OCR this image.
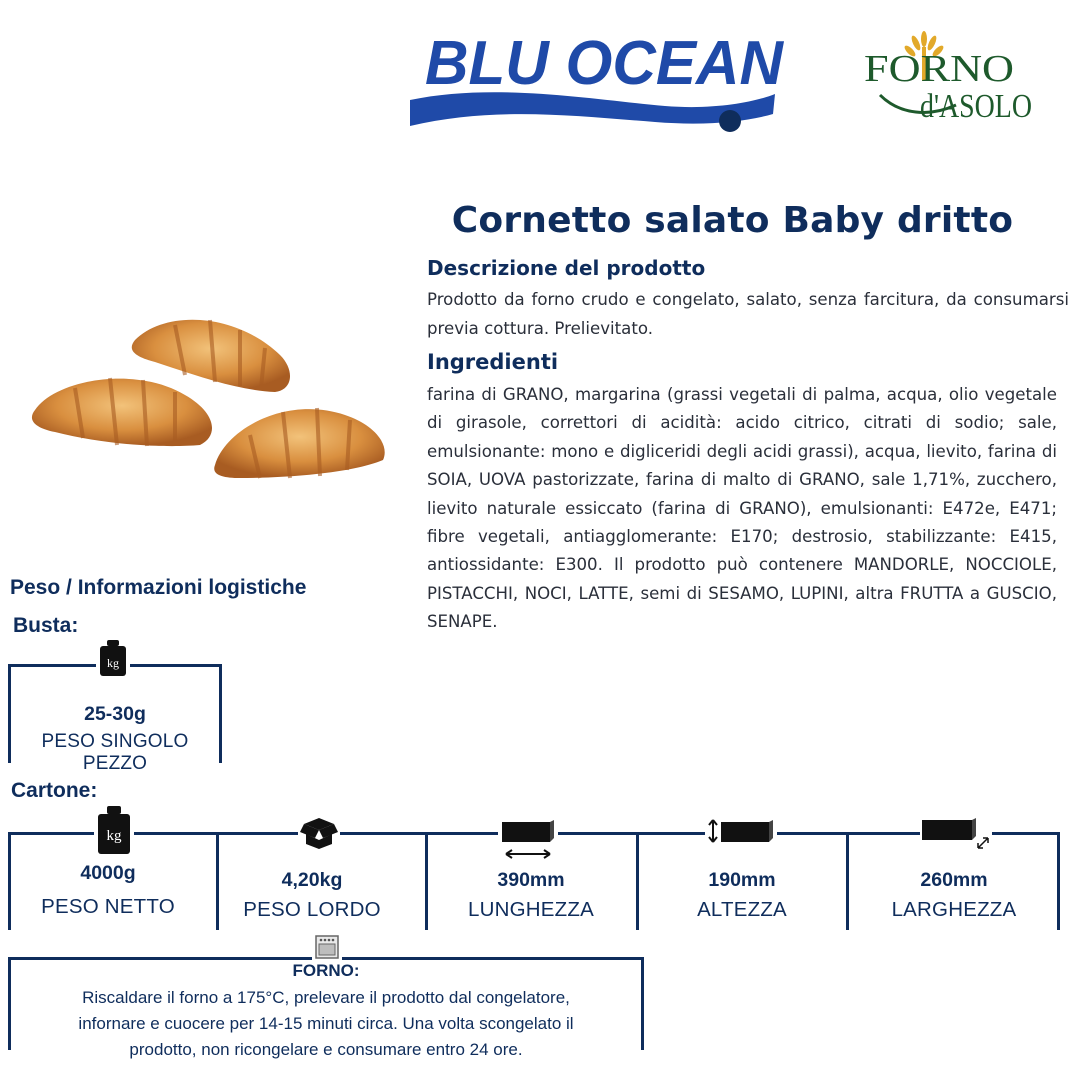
BLU OCEAN FORNO
d'ASOLO
Cornetto salato Baby dritto
Descrizione del prodotto
Prodotto da forno crudo e congelato, salato, senza farcitura, da consumarsi previa cottura. Prelievitato.
Ingredienti
farina di GRANO, margarina (grassi vegetali di palma, acqua, olio vegetale di girasole, correttori di acidità: acido citrico, citrati di sodio; sale, emulsionante: mono e digliceridi degli acidi grassi), acqua, lievito, farina di SOIA, UOVA pastorizzate, farina di malto di GRANO, sale 1,71%, zucchero, lievito naturale essiccato (farina di GRANO), emulsionanti: E472e, E471; fibre vegetali, antiagglomerante: E170; destrosio, stabilizzante: E415, antiossidante: E300. Il prodotto può contenere MANDORLE, NOCCIOLE, PISTACCHI, NOCI, LATTE, semi di SESAMO, LUPINI, altra FRUTTA a GUSCIO, SENAPE.
Peso / Informazioni logistiche
Busta:
kg
25-30g
PESO SINGOLO PEZZO
Cartone:
kg
4000g
PESO NETTO
4,20kg
PESO LORDO
390mm
LUNGHEZZA
190mm
ALTEZZA
260mm
LARGHEZZA
FORNO:
Riscaldare il forno a 175°C, prelevare il prodotto dal congelatore,
infornare e cuocere per 14-15 minuti circa. Una volta scongelato il
prodotto, non ricongelare e consumare entro 24 ore.
